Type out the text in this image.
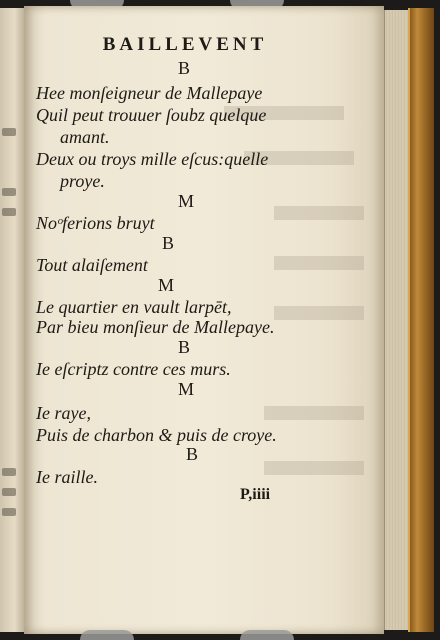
BAILLEVENT

B

Hee monſeigneur de Mallepaye

Quil peut trouuer ſoubz quelque

amant.

Deux ou troys mille eſcus:quelle

proye.

M

Noᵒferions bruyt

B

Tout alaiſement

M

Le quartier en vault larpēt,

Par bieu monſieur de Mallepaye.

B

Ie eſcriptz contre ces murs.

M

Ie raye,

Puis de charbon & puis de croye.

B

Ie raille.

P,iiii
